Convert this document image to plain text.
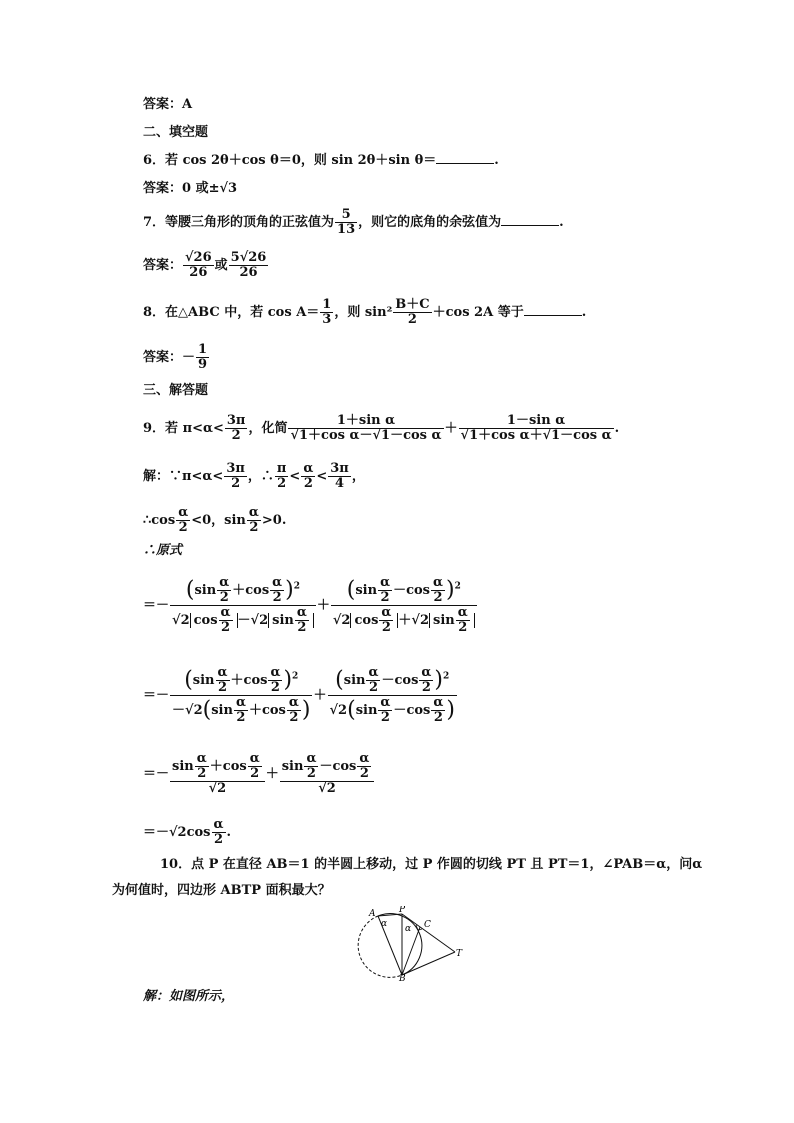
答案：A
二、填空题
6．若 cos 2θ＋cos θ＝0，则 sin 2θ＋sin θ＝	.
答案：0 或±√3
7．等腰三角形的顶角的正弦值为 $\frac{5}{13}$ ，则它的底角的余弦值为	.
答案： $\frac{√26}{26}$ 或 $\frac{5√26}{26}$
8．在△ABC 中，若 $\cos A= \frac{1}{3}$ ，则 $\sin^2 \frac{B+C}{2} +\cos$ 2A 等于	.
答案：－ $\frac{1}{9}$
三、解答题
9．若 $\pi<\alpha< \frac{3\pi}{2}$ ，化简 $\frac{\text{1＋sin α}}{\text{√1＋cos α－√1－cos α}} + \frac{\text{1－sin α}}{\text{√1＋cos α＋√1－cos α}}$ .
解：∵π<α< $\frac{3\pi}{2}$ ，∴ $\frac{\pi}{2} < \frac{\alpha}{2} < \frac{3\pi}{4}$ ，
∴cos $\frac{\alpha}{2} <0$，$\sin \frac{\alpha}{2} >0$.
∴原式
＝－ $\frac{(\sin \frac{\alpha}{2} +\cos \frac{\alpha}{2} )^2}{√2 \cos \frac{\alpha}{2} -√2 \sin \frac{\alpha}{2}} + \frac{(\sin \frac{\alpha}{2} -\cos \frac{\alpha}{2} )^2}{√2 \cos \frac{\alpha}{2} +√2 \sin \frac{\alpha}{2}}$
＝－ $\frac{(\sin \frac{\alpha}{2} +\cos \frac{\alpha}{2} )^2}{-√2(\sin \frac{\alpha}{2} +\cos \frac{\alpha}{2} )} + \frac{(\sin \frac{\alpha}{2} -\cos \frac{\alpha}{2} )^2}{√2(\sin \frac{\alpha}{2} -\cos \frac{\alpha}{2} )}$
＝－ $\frac{\sin \frac{\alpha}{2} +\cos \frac{\alpha}{2}}{√2} + \frac{\sin \frac{\alpha}{2} -\cos \frac{\alpha}{2}}{√2}$
$=-√2\cos \frac{\alpha}{2}$ .
10．点 P 在直径 AB＝1 的半圆上移动，过 P 作圆的切线 PT 且 PT＝1，∠PAB＝α，问α
为何值时，四边形 ABTP 面积最大？
A	P
C
B
T
α α
解：如图所示，
